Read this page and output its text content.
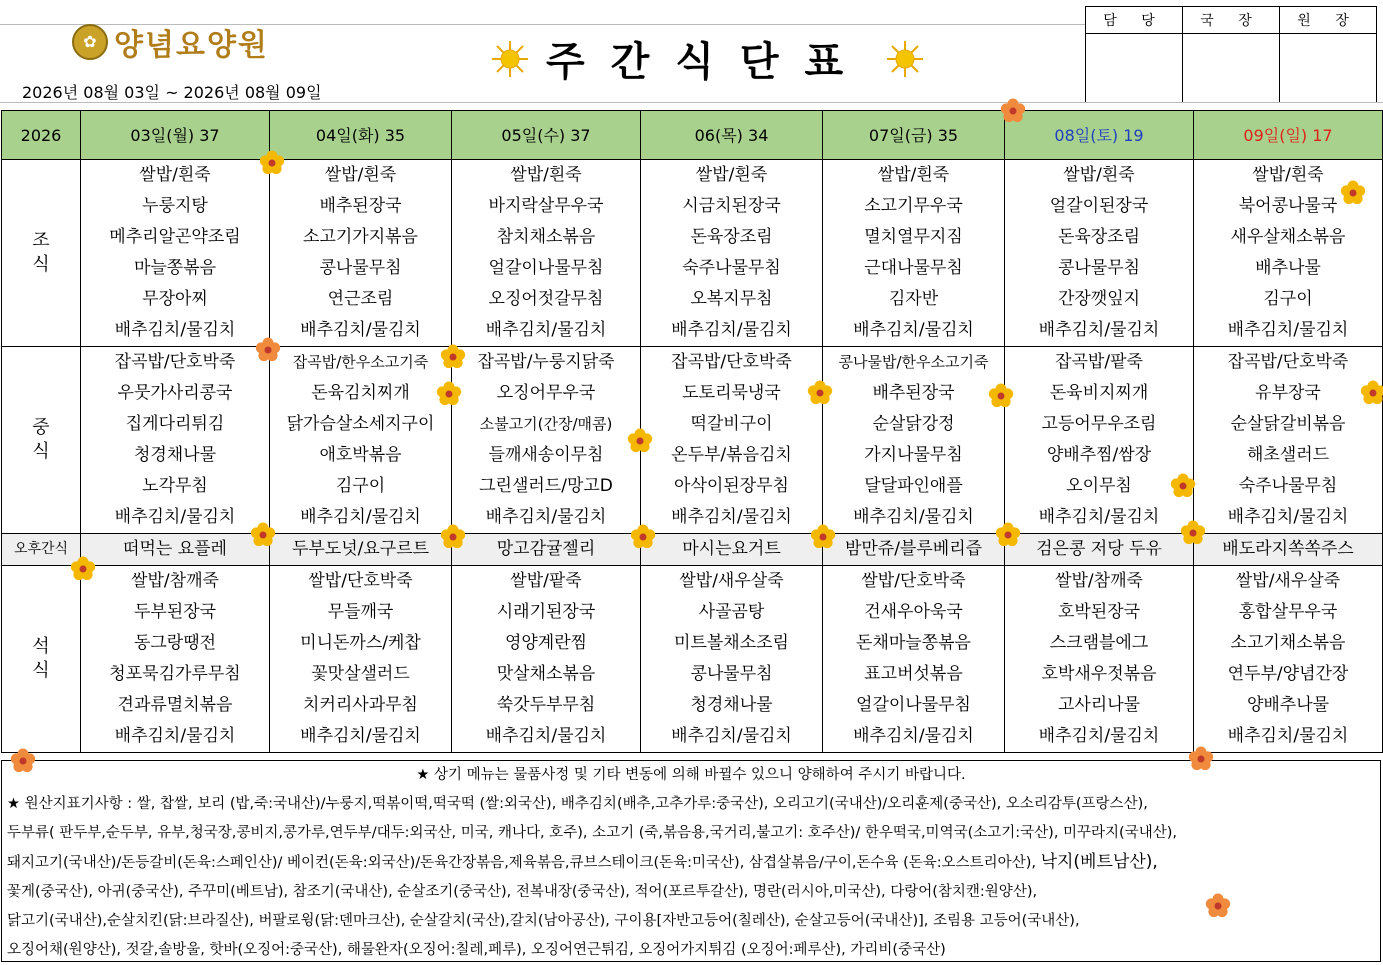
✿ 양념요양원	주간식단표
담 당	국 장	원 장

2026년 08월 03일 ~ 2026년 08월 09일
2026	03일(월) 37	04일(화) 35	05일(수) 37	06(목) 34	07일(금) 35	08일(토) 19	09일(일) 17
조
식	쌀밥/흰죽	쌀밥/흰죽	쌀밥/흰죽	쌀밥/흰죽	쌀밥/흰죽	쌀밥/흰죽	쌀밥/흰죽
	누룽지탕	배추된장국	바지락살무우국	시금치된장국	소고기무우국	얼갈이된장국	북어콩나물국
	메추리알곤약조림	소고기가지볶음	참치채소볶음	돈육장조림	멸치열무지짐	돈육장조림	새우살채소볶음
	마늘쫑볶음	콩나물무침	얼갈이나물무침	숙주나물무침	근대나물무침	콩나물무침	배추나물
	무장아찌	연근조림	오징어젓갈무침	오복지무침	김자반	간장깻잎지	김구이
	배추김치/물김치	배추김치/물김치	배추김치/물김치	배추김치/물김치	배추김치/물김치	배추김치/물김치	배추김치/물김치
중
식	잡곡밥/단호박죽	잡곡밥/한우소고기죽	잡곡밥/누룽지닭죽	잡곡밥/단호박죽	콩나물밥/한우소고기죽	잡곡밥/팥죽	잡곡밥/단호박죽
	우뭇가사리콩국	돈육김치찌개	오징어무우국	도토리묵냉국	배추된장국	돈육비지찌개	유부장국
	집게다리튀김	닭가슴살소세지구이	소불고기(간장/매콤)	떡갈비구이	순살닭강정	고등어무우조림	순살닭갈비볶음
	청경채나물	애호박볶음	들깨새송이무침	온두부/볶음김치	가지나물무침	양배추찜/쌈장	해초샐러드
	노각무침	김구이	그린샐러드/망고D	아삭이된장무침	달달파인애플	오이무침	숙주나물무침
	배추김치/물김치	배추김치/물김치	배추김치/물김치	배추김치/물김치	배추김치/물김치	배추김치/물김치	배추김치/물김치
오후간식	떠먹는 요플레	두부도넛/요구르트	망고감귤젤리	마시는요거트	밤만쥬/블루베리즙	검은콩 저당 두유	배도라지쏙쏙주스
석
식	쌀밥/참깨죽	쌀밥/단호박죽	쌀밥/팥죽	쌀밥/새우살죽	쌀밥/단호박죽	쌀밥/참깨죽	쌀밥/새우살죽
	두부된장국	무들깨국	시래기된장국	사골곰탕	건새우아욱국	호박된장국	홍합살무우국
	동그랑땡전	미니돈까스/케찹	영양계란찜	미트볼채소조림	돈채마늘쫑볶음	스크램블에그	소고기채소볶음
	청포묵김가루무침	꽃맛살샐러드	맛살채소볶음	콩나물무침	표고버섯볶음	호박새우젓볶음	연두부/양념간장
	견과류멸치볶음	치커리사과무침	쑥갓두부무침	청경채나물	얼갈이나물무침	고사리나물	양배추나물
	배추김치/물김치	배추김치/물김치	배추김치/물김치	배추김치/물김치	배추김치/물김치	배추김치/물김치	배추김치/물김치
★ 상기 메뉴는 물품사정 및 기타 변동에 의해 바뀔수 있으니 양해하여 주시기 바랍니다.
★ 원산지표기사항 : 쌀, 찹쌀, 보리 (밥,죽:국내산)/누룽지,떡볶이떡,떡국떡 (쌀:외국산), 배추김치(배추,고추가루:중국산), 오리고기(국내산)/오리훈제(중국산), 오소리감투(프랑스산),
두부류( 판두부,순두부, 유부,청국장,콩비지,콩가루,연두부/대두:외국산, 미국, 캐나다, 호주), 소고기 (죽,볶음용,국거리,불고기: 호주산)/ 한우떡국,미역국(소고기:국산), 미꾸라지(국내산),
돼지고기(국내산)/돈등갈비(돈육:스페인산)/ 베이컨(돈육:외국산)/돈육간장볶음,제육볶음,큐브스테이크(돈육:미국산), 삼겹살볶음/구이,돈수육 (돈육:오스트리아산), 낙지(베트남산),
꽃게(중국산), 아귀(중국산), 주꾸미(베트남), 참조기(국내산), 순살조기(중국산), 전복내장(중국산), 적어(포르투갈산), 명란(러시아,미국산), 다랑어(참치캔:원양산),
닭고기(국내산),순살치킨(닭:브라질산), 버팔로윙(닭:덴마크산), 순살갈치(국산),갈치(남아공산), 구이용[자반고등어(칠레산), 순살고등어(국내산)], 조림용 고등어(국내산),
오징어채(원양산), 젓갈,솔방울, 핫바(오징어:중국산), 해물완자(오징어:칠레,페루), 오징어연근튀김, 오징어가지튀김 (오징어:페루산), 가리비(중국산)
